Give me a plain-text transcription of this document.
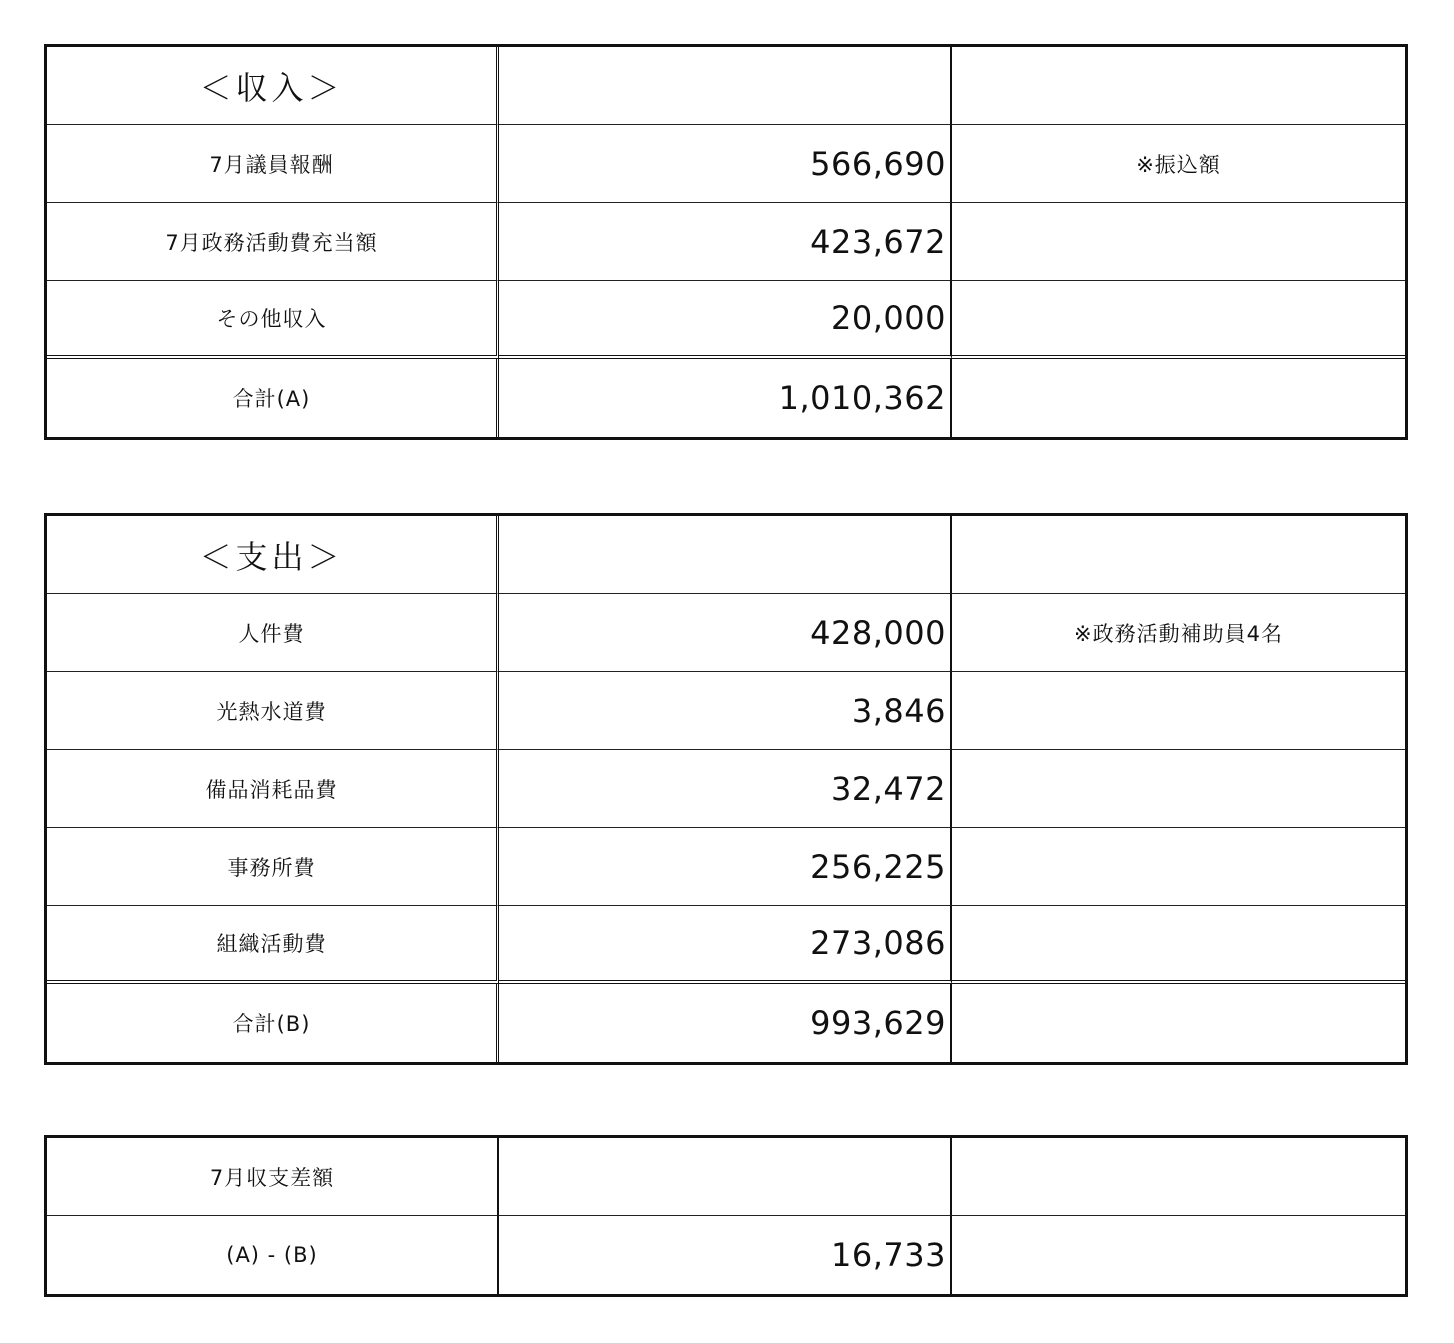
＜収入＞
7月議員報酬	566,690	※振込額
7月政務活動費充当額	423,672
その他収入	20,000
合計(A)	1,010,362
＜支出＞
人件費	428,000	※政務活動補助員4名
光熱水道費	3,846
備品消耗品費	32,472
事務所費	256,225
組織活動費	273,086
合計(B)	993,629
7月収支差額
(A) - (B)	16,733
